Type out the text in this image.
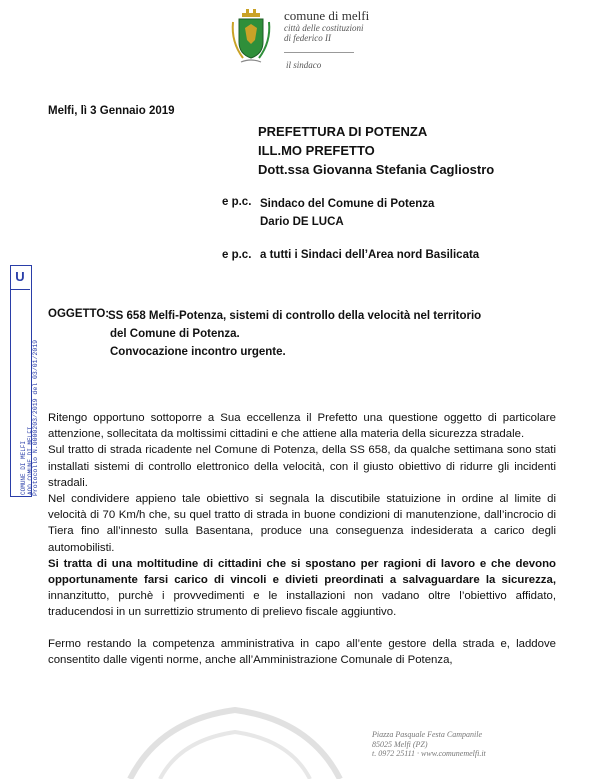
comune di melfi
città delle costituzioni
di federico II
il sindaco
Melfi, lì 3 Gennaio 2019
PREFETTURA DI POTENZA
ILL.MO PREFETTO
Dott.ssa Giovanna Stefania Cagliostro
e p.c. Sindaco del Comune di Potenza
Dario DE LUCA
e p.c. a tutti i Sindaci dell’Area nord Basilicata
U
COMUNE DI MELFI AOO COMUNE DI MELFI
Protocollo N.0000203/2019 del 03/01/2019
OGGETTO:
SS 658 Melfi-Potenza, sistemi di controllo della velocità nel territorio
del Comune di Potenza.
Convocazione incontro urgente.

Ritengo opportuno sottoporre a Sua eccellenza il Prefetto una questione oggetto di particolare attenzione, sollecitata da moltissimi cittadini e che attiene alla materia della sicurezza stradale.

Sul tratto di strada ricadente nel Comune di Potenza, della SS 658, da qualche settimana sono stati installati sistemi di controllo elettronico della velocità, con il giusto obiettivo di ridurre gli incidenti stradali.

Nel condividere appieno tale obiettivo si segnala la discutibile statuizione in ordine al limite di velocità di 70 Km/h che, su quel tratto di strada in buone condizioni di manutenzione, dall’incrocio di Tiera fino all’innesto sulla Basentana, produce una conseguenza indesiderata a carico degli automobilisti.

Si tratta di una moltitudine di cittadini che si spostano per ragioni di lavoro e che devono opportunamente farsi carico di vincoli e divieti preordinati a salvaguardare la sicurezza, innanzitutto, purchè i provvedimenti e le installazioni non vadano oltre l’obiettivo affidato, traducendosi in un surrettizio strumento di prelievo fiscale aggiuntivo.

Fermo restando la competenza amministrativa in capo all’ente gestore della strada e, laddove consentito dalle vigenti norme, anche all’Amministrazione Comunale di Potenza,

Piazza Pasquale Festa Campanile
85025 Melfi (PZ)
t. 0972 25111 · www.comunemelfi.it
